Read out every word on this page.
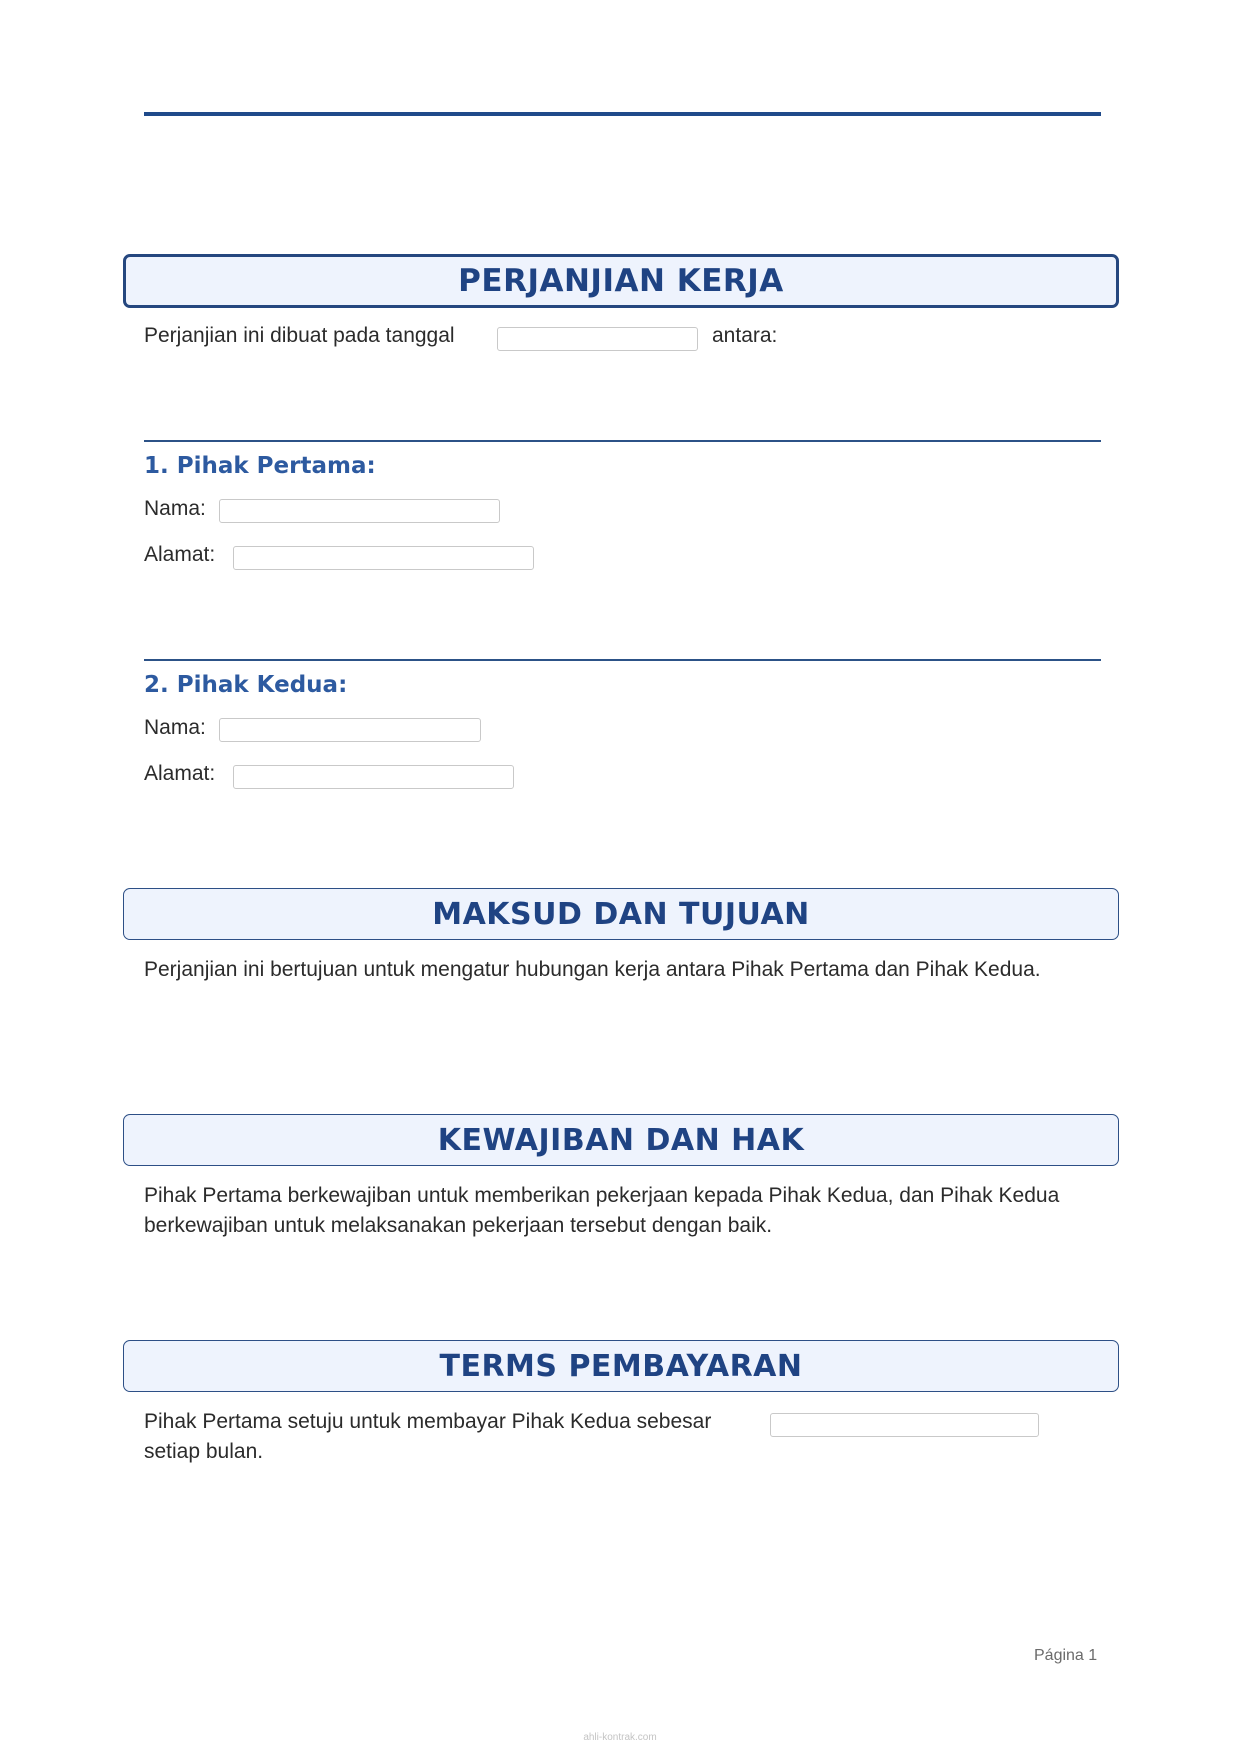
PERJANJIAN KERJA
Perjanjian ini dibuat pada tanggal	antara:
1. Pihak Pertama:
Nama:
Alamat:
2. Pihak Kedua:
Nama:
Alamat:
MAKSUD DAN TUJUAN
Perjanjian ini bertujuan untuk mengatur hubungan kerja antara Pihak Pertama dan Pihak Kedua.
KEWAJIBAN DAN HAK
Pihak Pertama berkewajiban untuk memberikan pekerjaan kepada Pihak Kedua, dan Pihak Kedua berkewajiban untuk melaksanakan pekerjaan tersebut dengan baik.
TERMS PEMBAYARAN
Pihak Pertama setuju untuk membayar Pihak Kedua sebesar
setiap bulan.
Página 1
ahli-kontrak.com
